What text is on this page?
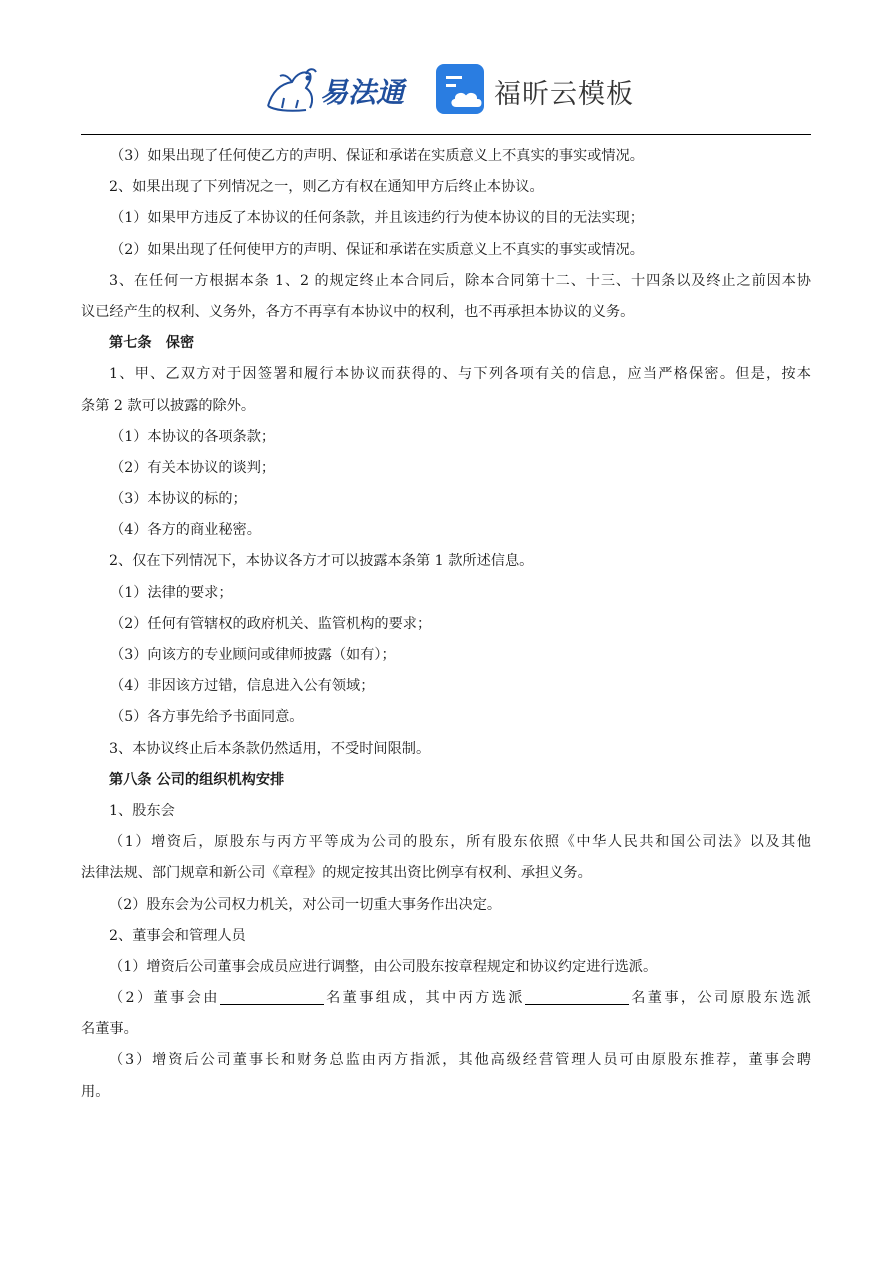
易法通	福昕云模板
（3）如果出现了任何使乙方的声明、保证和承诺在实质意义上不真实的事实或情况。
2、如果出现了下列情况之一，则乙方有权在通知甲方后终止本协议。
（1）如果甲方违反了本协议的任何条款，并且该违约行为使本协议的目的无法实现；
（2）如果出现了任何使甲方的声明、保证和承诺在实质意义上不真实的事实或情况。
3、在任何一方根据本条 1、2 的规定终止本合同后，除本合同第十二、十三、十四条以及终止之前因本协
议已经产生的权利、义务外，各方不再享有本协议中的权利，也不再承担本协议的义务。
第七条　保密
1、甲、乙双方对于因签署和履行本协议而获得的、与下列各项有关的信息，应当严格保密。但是，按本
条第 2 款可以披露的除外。
（1）本协议的各项条款；
（2）有关本协议的谈判；
（3）本协议的标的；
（4）各方的商业秘密。
2、仅在下列情况下，本协议各方才可以披露本条第 1 款所述信息。
（1）法律的要求；
（2）任何有管辖权的政府机关、监管机构的要求；
（3）向该方的专业顾问或律师披露（如有）；
（4）非因该方过错，信息进入公有领域；
（5）各方事先给予书面同意。
3、本协议终止后本条款仍然适用，不受时间限制。
第八条 公司的组织机构安排
1、股东会
（1）增资后，原股东与丙方平等成为公司的股东，所有股东依照《中华人民共和国公司法》以及其他
法律法规、部门规章和新公司《章程》的规定按其出资比例享有权利、承担义务。
（2）股东会为公司权力机关，对公司一切重大事务作出决定。
2、董事会和管理人员
（1）增资后公司董事会成员应进行调整，由公司股东按章程规定和协议约定进行选派。
（2）董事会由	名董事组成，其中丙方选派	名董事，公司原股东选派
名董事。
（3）增资后公司董事长和财务总监由丙方指派，其他高级经营管理人员可由原股东推荐，董事会聘
用。
